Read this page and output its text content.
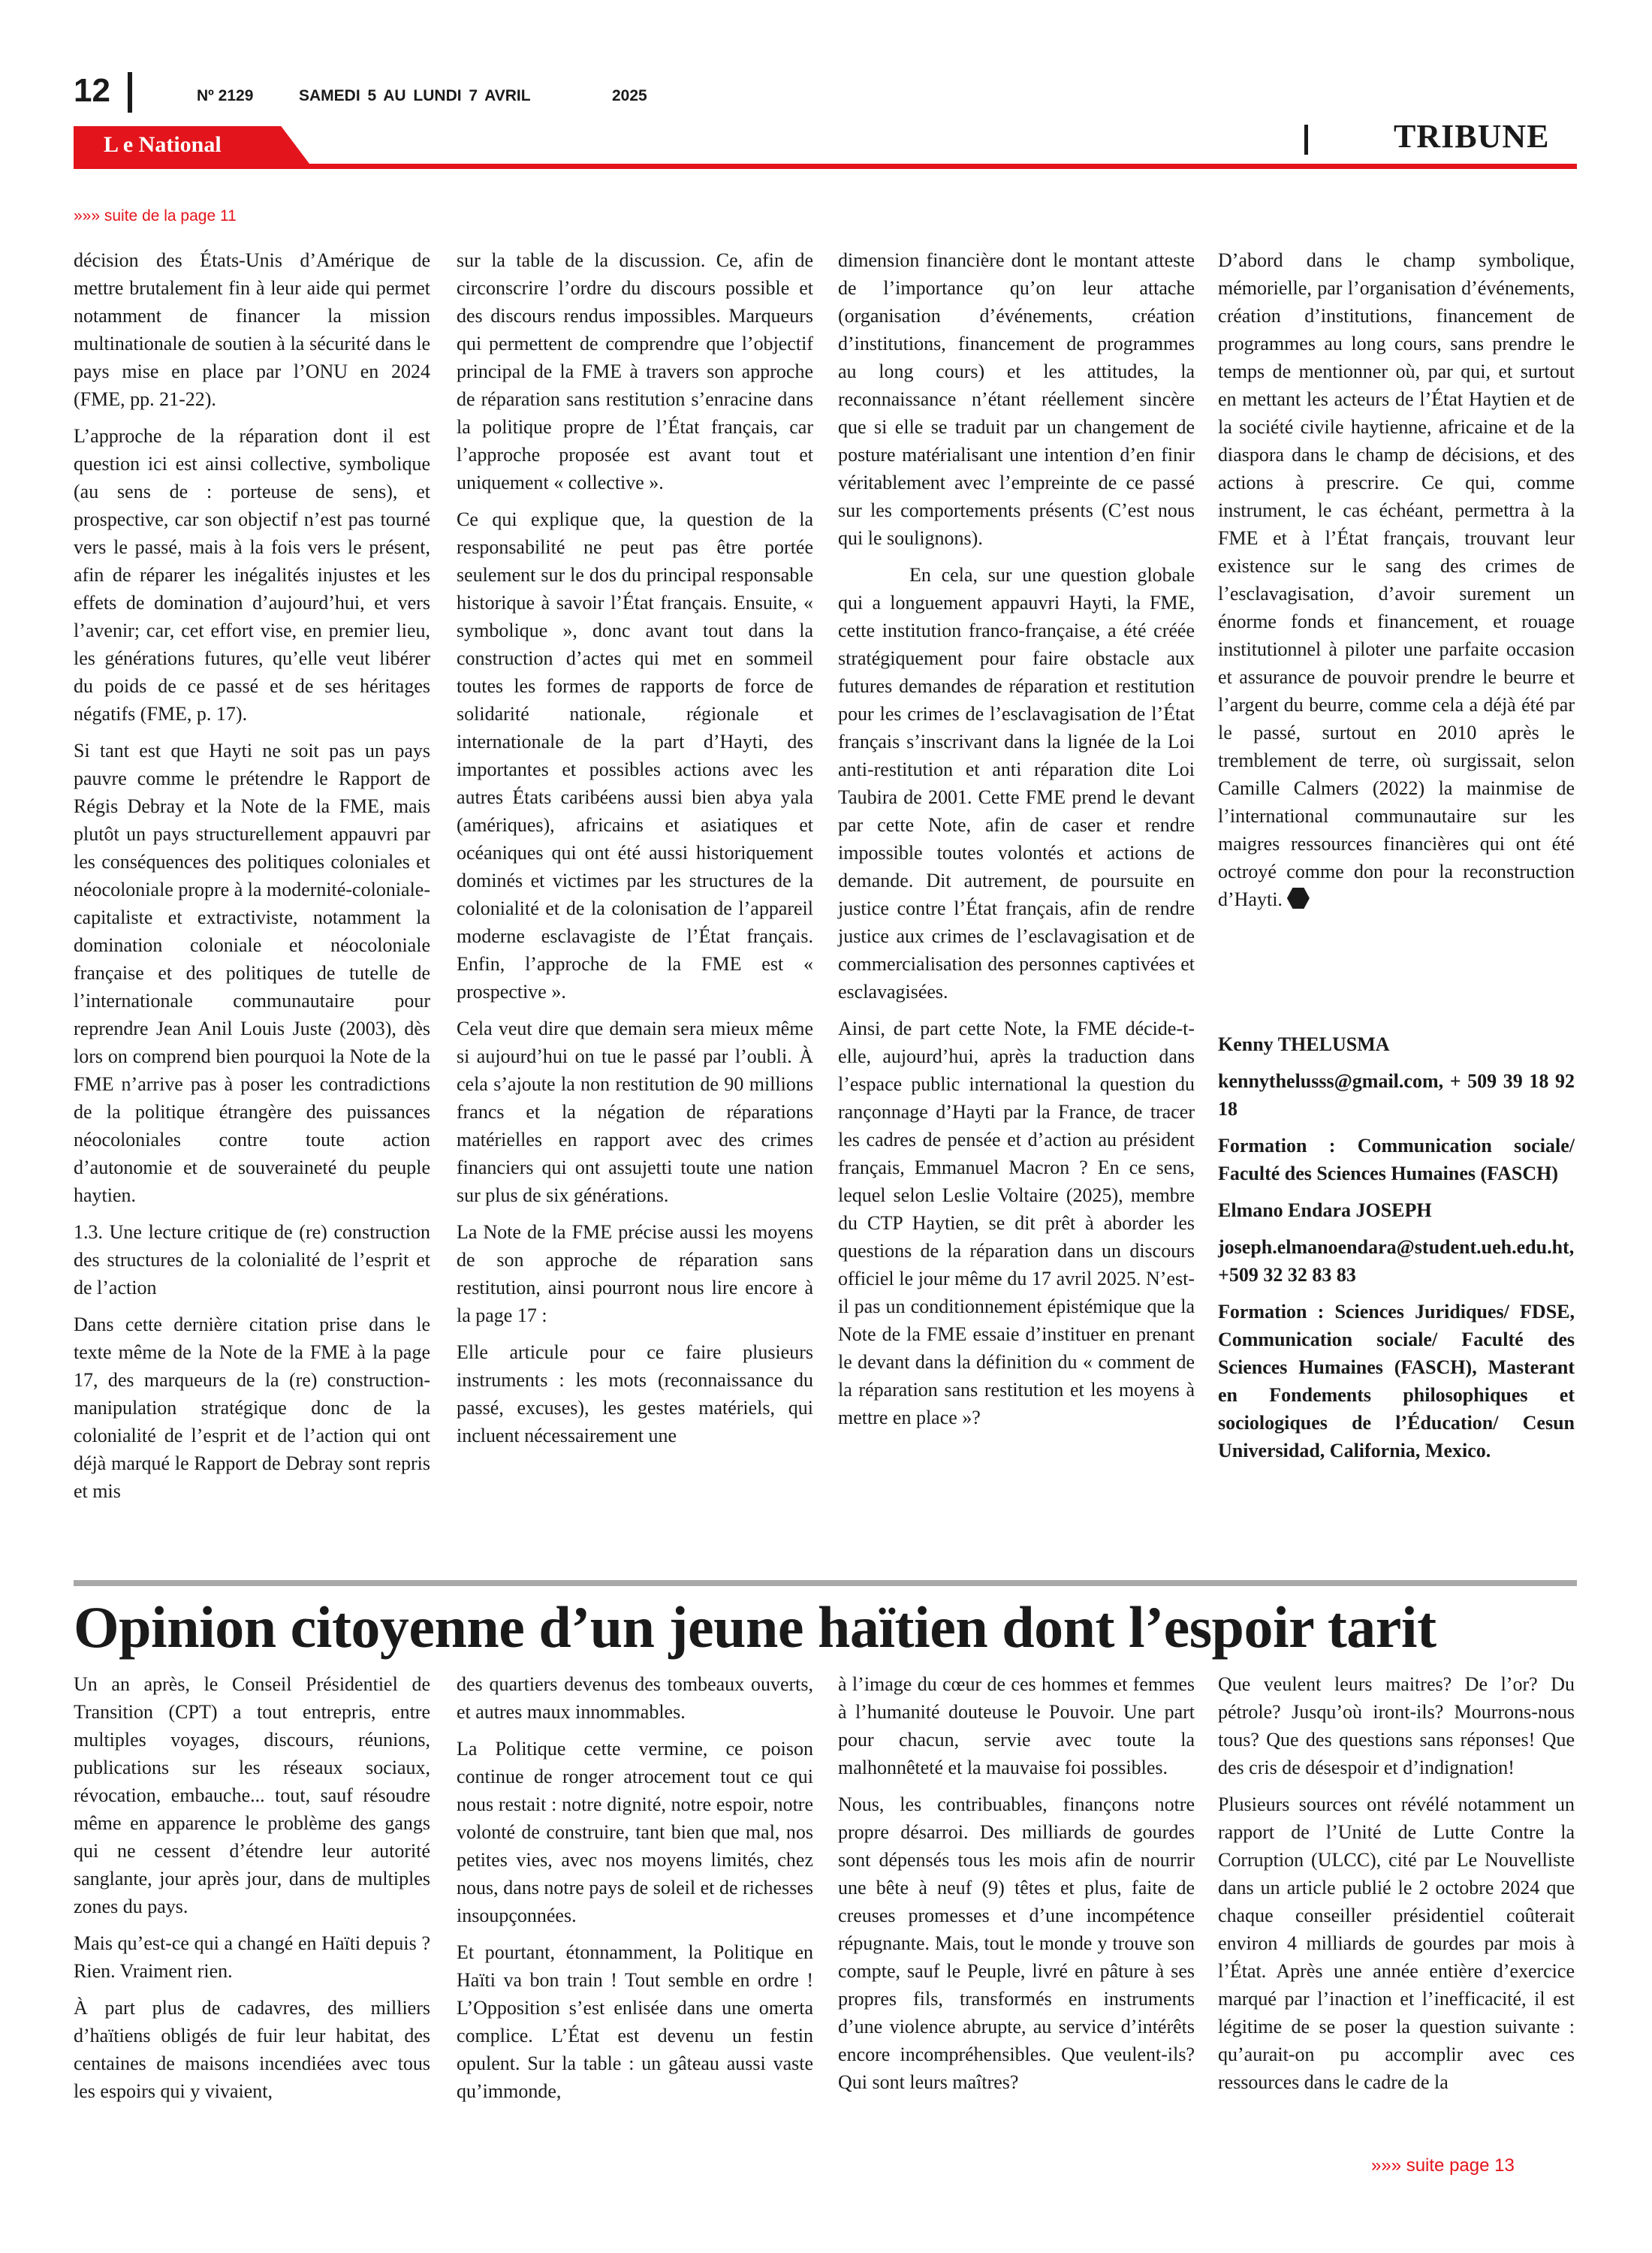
12	Nº 2129	SAMEDI 5 AU LUNDI 7 AVRIL	2025
L e National	TRIBUNE
»»» suite de la page 11

décision des États-Unis d’Amérique de mettre brutalement fin à leur aide qui permet notamment de financer la mission multinationale de soutien à la sécurité dans le pays mise en place par l’ONU en 2024 (FME, pp. 21-22).

L’approche de la réparation dont il est question ici est ainsi collective, symbolique (au sens de : porteuse de sens), et prospective, car son objectif n’est pas tourné vers le passé, mais à la fois vers le présent, afin de réparer les inégalités injustes et les effets de domination d’aujourd’hui, et vers l’avenir; car, cet effort vise, en premier lieu, les générations futures, qu’elle veut libérer du poids de ce passé et de ses héritages négatifs (FME, p. 17).

Si tant est que Hayti ne soit pas un pays pauvre comme le prétendre le Rapport de Régis Debray et la Note de la FME, mais plutôt un pays structurellement appauvri par les conséquences des politiques coloniales et néocoloniale propre à la modernité-coloniale-capitaliste et extractiviste, notamment la domination coloniale et néocoloniale française et des politiques de tutelle de l’internationale communautaire pour reprendre Jean Anil Louis Juste (2003), dès lors on comprend bien pourquoi la Note de la FME n’arrive pas à poser les contradictions de la politique étrangère des puissances néocoloniales contre toute action d’autonomie et de souveraineté du peuple haytien.

1.3. Une lecture critique de (re) construction des structures de la colonialité de l’esprit et de l’action

Dans cette dernière citation prise dans le texte même de la Note de la FME à la page 17, des marqueurs de la (re) construction-manipulation stratégique donc de la colonialité de l’esprit et de l’action qui ont déjà marqué le Rapport de Debray sont repris et mis

sur la table de la discussion. Ce, afin de circonscrire l’ordre du discours possible et des discours rendus impossibles. Marqueurs qui permettent de comprendre que l’objectif principal de la FME à travers son approche de réparation sans restitution s’enracine dans la politique propre de l’État français, car l’approche proposée est avant tout et uniquement « collective ».

Ce qui explique que, la question de la responsabilité ne peut pas être portée seulement sur le dos du principal responsable historique à savoir l’État français. Ensuite, « symbolique », donc avant tout dans la construction d’actes qui met en sommeil toutes les formes de rapports de force de solidarité nationale, régionale et internationale de la part d’Hayti, des importantes et possibles actions avec les autres États caribéens aussi bien abya yala (amériques), africains et asiatiques et océaniques qui ont été aussi historiquement dominés et victimes par les structures de la colonialité et de la colonisation de l’appareil moderne esclavagiste de l’État français. Enfin, l’approche de la FME est « prospective ».

Cela veut dire que demain sera mieux même si aujourd’hui on tue le passé par l’oubli. À cela s’ajoute la non restitution de 90 millions francs et la négation de réparations matérielles en rapport avec des crimes financiers qui ont assujetti toute une nation sur plus de six générations.

La Note de la FME précise aussi les moyens de son approche de réparation sans restitution, ainsi pourront nous lire encore à la page 17 :

Elle articule pour ce faire plusieurs instruments : les mots (reconnaissance du passé, excuses), les gestes matériels, qui incluent nécessairement une

dimension financière dont le montant atteste de l’importance qu’on leur attache (organisation d’événements, création d’institutions, financement de programmes au long cours) et les attitudes, la reconnaissance n’étant réellement sincère que si elle se traduit par un changement de posture matérialisant une intention d’en finir véritablement avec l’empreinte de ce passé sur les comportements présents (C’est nous qui le soulignons).

En cela, sur une question globale qui a longuement appauvri Hayti, la FME, cette institution franco-française, a été créée stratégiquement pour faire obstacle aux futures demandes de réparation et restitution pour les crimes de l’esclavagisation de l’État français s’inscrivant dans la lignée de la Loi anti-restitution et anti réparation dite Loi Taubira de 2001. Cette FME prend le devant par cette Note, afin de caser et rendre impossible toutes volontés et actions de demande. Dit autrement, de poursuite en justice contre l’État français, afin de rendre justice aux crimes de l’esclavagisation et de commercialisation des personnes captivées et esclavagisées.

Ainsi, de part cette Note, la FME décide-t-elle, aujourd’hui, après la traduction dans l’espace public international la question du rançonnage d’Hayti par la France, de tracer les cadres de pensée et d’action au président français, Emmanuel Macron ? En ce sens, lequel selon Leslie Voltaire (2025), membre du CTP Haytien, se dit prêt à aborder les questions de la réparation dans un discours officiel le jour même du 17 avril 2025. N’est-il pas un conditionnement épistémique que la Note de la FME essaie d’instituer en prenant le devant dans la définition du « comment de la réparation sans restitution et les moyens à mettre en place »?

D’abord dans le champ symbolique, mémorielle, par l’organisation d’événements, création d’institutions, financement de programmes au long cours, sans prendre le temps de mentionner où, par qui, et surtout en mettant les acteurs de l’État Haytien et de la société civile haytienne, africaine et de la diaspora dans le champ de décisions, et des actions à prescrire. Ce qui, comme instrument, le cas échéant, permettra à la FME et à l’État français, trouvant leur existence sur le sang des crimes de l’esclavagisation, d’avoir surement un énorme fonds et financement, et rouage institutionnel à piloter une parfaite occasion et assurance de pouvoir prendre le beurre et l’argent du beurre, comme cela a déjà été par le passé, surtout en 2010 après le tremblement de terre, où surgissait, selon Camille Calmers (2022) la mainmise de l’international communautaire sur les maigres ressources financières qui ont été octroyé comme don pour la reconstruction d’Hayti.

Kenny THELUSMA

kennythelusss@gmail.com, + 509 39 18 92 18

Formation : Communication sociale/ Faculté des Sciences Humaines (FASCH)

Elmano Endara JOSEPH

joseph.elmanoendara@student.ueh.edu.ht, +509 32 32 83 83

Formation : Sciences Juridiques/ FDSE, Communication sociale/ Faculté des Sciences Humaines (FASCH), Masterant en Fondements philosophiques et sociologiques de l’Éducation/ Cesun Universidad, California, Mexico.

Opinion citoyenne d’un jeune haïtien dont l’espoir tarit

Un an après, le Conseil Présidentiel de Transition (CPT) a tout entrepris, entre multiples voyages, discours, réunions, publications sur les réseaux sociaux, révocation, embauche... tout, sauf résoudre même en apparence le problème des gangs qui ne cessent d’étendre leur autorité sanglante, jour après jour, dans de multiples zones du pays.

Mais qu’est-ce qui a changé en Haïti depuis ? Rien. Vraiment rien.

À part plus de cadavres, des milliers d’haïtiens obligés de fuir leur habitat, des centaines de maisons incendiées avec tous les espoirs qui y vivaient,

des quartiers devenus des tombeaux ouverts, et autres maux innommables.

La Politique cette vermine, ce poison continue de ronger atrocement tout ce qui nous restait : notre dignité, notre espoir, notre volonté de construire, tant bien que mal, nos petites vies, avec nos moyens limités, chez nous, dans notre pays de soleil et de richesses insoupçonnées.

Et pourtant, étonnamment, la Politique en Haïti va bon train ! Tout semble en ordre ! L’Opposition s’est enlisée dans une omerta complice. L’État est devenu un festin opulent. Sur la table : un gâteau aussi vaste qu’immonde,

à l’image du cœur de ces hommes et femmes à l’humanité douteuse le Pouvoir. Une part pour chacun, servie avec toute la malhonnêteté et la mauvaise foi possibles.

Nous, les contribuables, finançons notre propre désarroi. Des milliards de gourdes sont dépensés tous les mois afin de nourrir une bête à neuf (9) têtes et plus, faite de creuses promesses et d’une incompétence répugnante. Mais, tout le monde y trouve son compte, sauf le Peuple, livré en pâture à ses propres fils, transformés en instruments d’une violence abrupte, au service d’intérêts encore incompréhensibles. Que veulent-ils? Qui sont leurs maîtres?

Que veulent leurs maitres? De l’or? Du pétrole? Jusqu’où iront-ils? Mourrons-nous tous? Que des questions sans réponses! Que des cris de désespoir et d’indignation!

Plusieurs sources ont révélé notamment un rapport de l’Unité de Lutte Contre la Corruption (ULCC), cité par Le Nouvelliste dans un article publié le 2 octobre 2024 que chaque conseiller présidentiel coûterait environ 4 milliards de gourdes par mois à l’État. Après une année entière d’exercice marqué par l’inaction et l’inefficacité, il est légitime de se poser la question suivante : qu’aurait-on pu accomplir avec ces ressources dans le cadre de la

»»» suite page 13
